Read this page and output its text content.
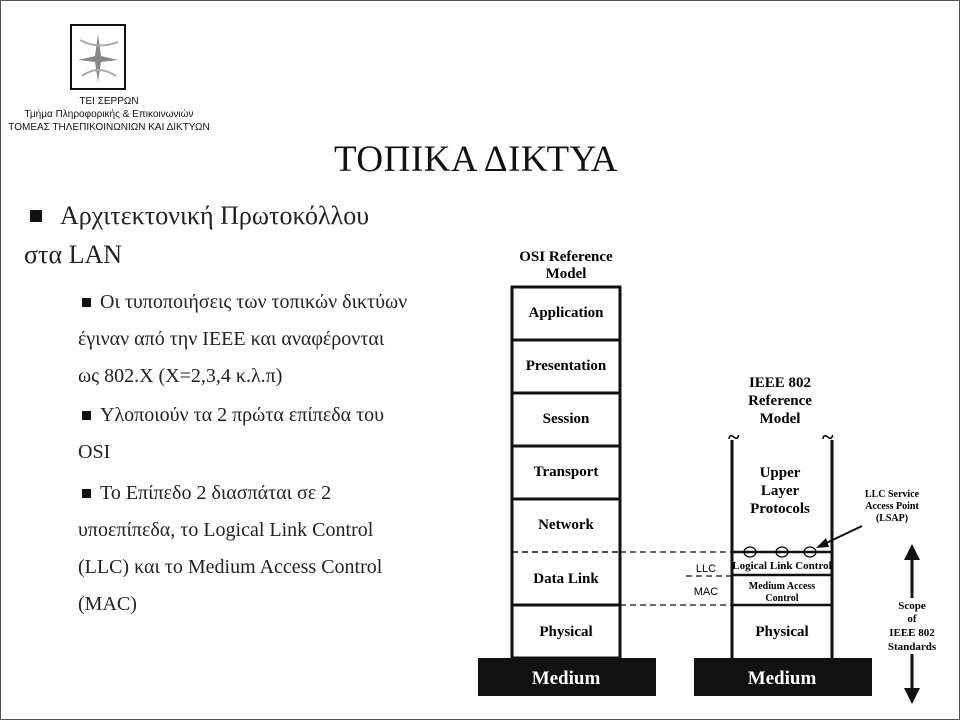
ΤΕΙ ΣΕΡΡΩΝ
Τμήμα Πληροφορικής & Επικοινωνιών
ΤΟΜΕΑΣ ΤΗΛΕΠΙΚΟΙΝΩΝΙΩΝ ΚΑΙ ΔΙΚΤΥΩΝ
ΤΟΠΙΚΑ ΔΙΚΤΥΑ
Αρχιτεκτονική Πρωτοκόλλου
στα LAN
Οι τυποποιήσεις των τοπικών δικτύων
έγιναν από την IEEE και αναφέρονται
ως 802.Χ (Χ=2,3,4 κ.λ.π)
Υλοποιούν τα 2 πρώτα επίπεδα του
OSI
Το Επίπεδο 2 διασπάται σε 2
υποεπίπεδα, το Logical Link Control
(LLC) και το Medium Access Control
(MAC)
OSI Reference
Model
Application
Presentation
Session
Transport
Network
Data Link
Physical
LLC
MAC
IEEE 802
Reference
Model
~	~
Upper
Layer
Protocols
Logical Link Control
Medium Access
Control
Physical
Medium	Medium
LLC Service
Access Point
(LSAP)
Scope
of
IEEE 802
Standards
